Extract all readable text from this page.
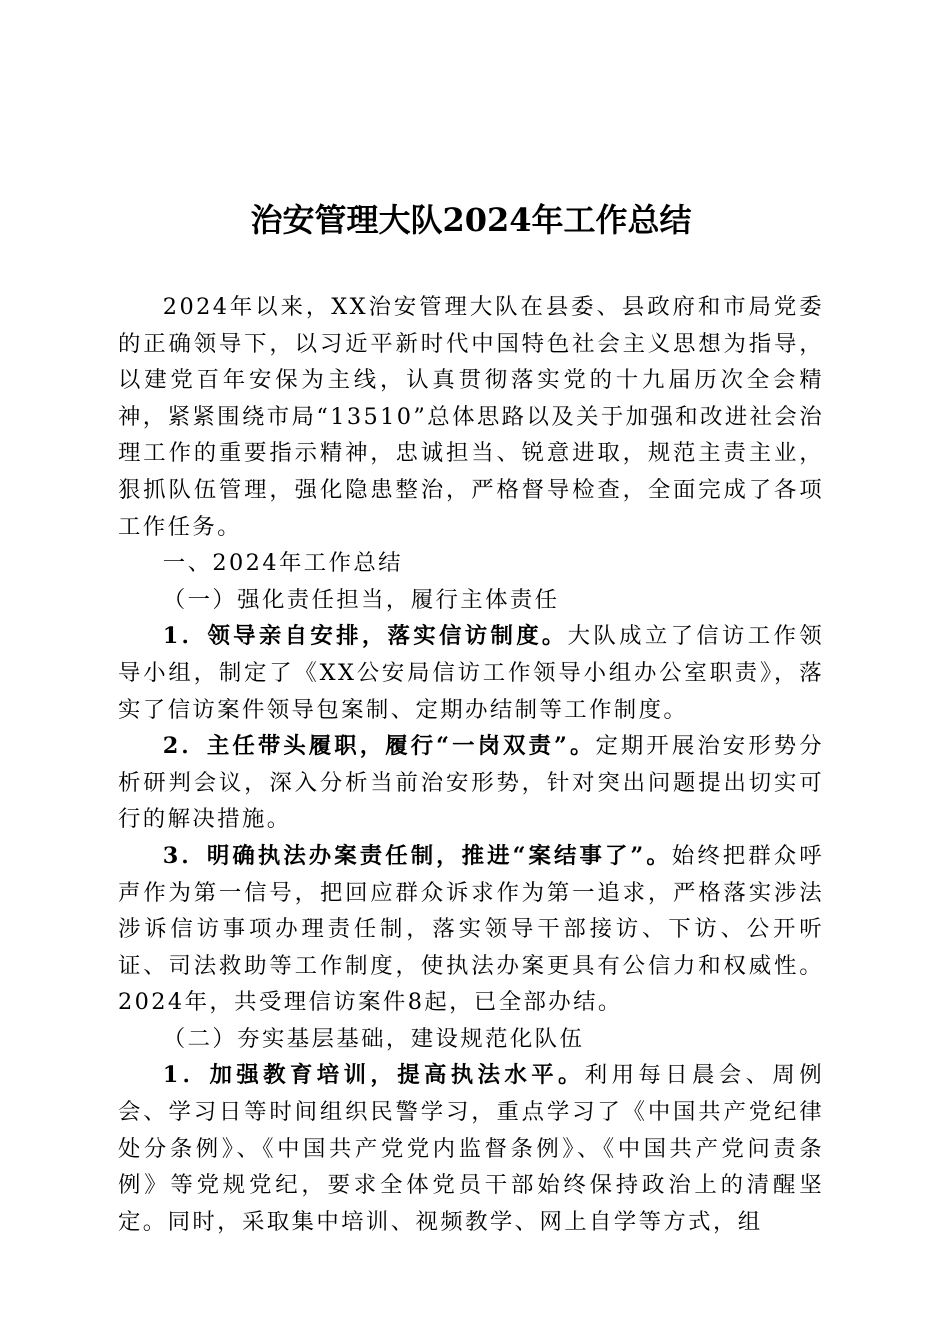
治安管理大队2024年工作总结

2024年以来，XX治安管理大队在县委、县政府和市局党委的正确领导下，以习近平新时代中国特色社会主义思想为指导，以建党百年安保为主线，认真贯彻落实党的十九届历次全会精神，紧紧围绕市局“13510”总体思路以及关于加强和改进社会治理工作的重要指示精神，忠诚担当、锐意进取，规范主责主业，狠抓队伍管理，强化隐患整治，严格督导检查，全面完成了各项工作任务。

一、2024年工作总结

（一）强化责任担当，履行主体责任

1．领导亲自安排，落实信访制度。大队成立了信访工作领导小组，制定了《XX公安局信访工作领导小组办公室职责》，落实了信访案件领导包案制、定期办结制等工作制度。

2．主任带头履职，履行“一岗双责”。定期开展治安形势分析研判会议，深入分析当前治安形势，针对突出问题提出切实可行的解决措施。

3．明确执法办案责任制，推进“案结事了”。始终把群众呼声作为第一信号，把回应群众诉求作为第一追求，严格落实涉法涉诉信访事项办理责任制，落实领导干部接访、下访、公开听证、司法救助等工作制度，使执法办案更具有公信力和权威性。2024年，共受理信访案件8起，已全部办结。

（二）夯实基层基础，建设规范化队伍

1．加强教育培训，提高执法水平。利用每日晨会、周例会、学习日等时间组织民警学习，重点学习了《中国共产党纪律处分条例》、《中国共产党党内监督条例》、《中国共产党问责条例》等党规党纪，要求全体党员干部始终保持政治上的清醒坚定。同时，采取集中培训、视频教学、网上自学等方式，组
